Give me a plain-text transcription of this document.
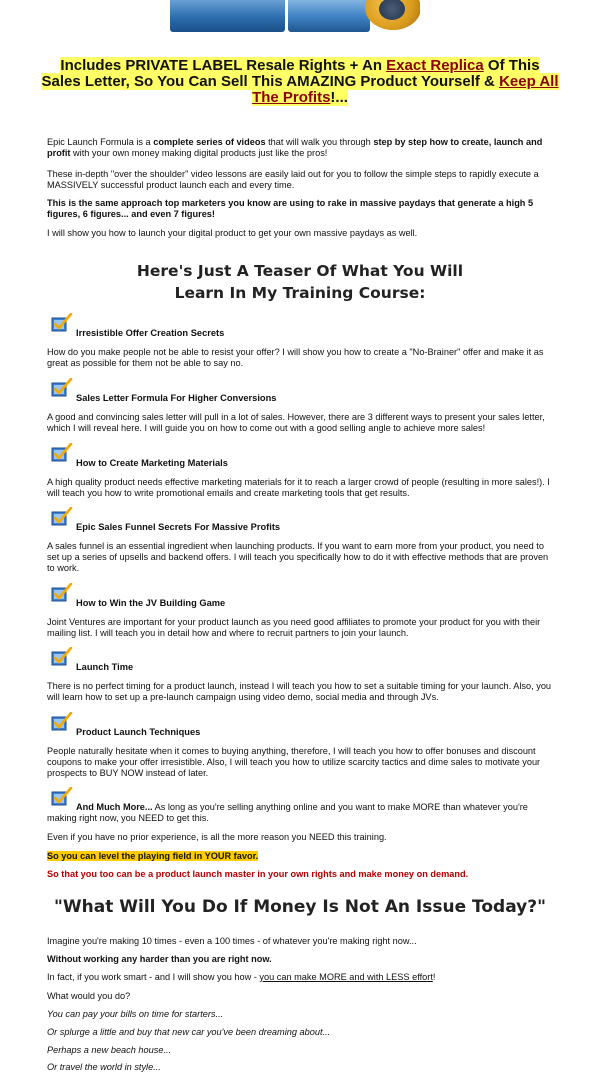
Includes PRIVATE LABEL Resale Rights + An Exact Replica Of This Sales Letter, So You Can Sell This AMAZING Product Yourself & Keep All The Profits!...

Epic Launch Formula is a complete series of videos that will walk you through step by step how to create, launch and profit with your own money making digital products just like the pros!

These in-depth "over the shoulder" video lessons are easily laid out for you to follow the simple steps to rapidly execute a MASSIVELY successful product launch each and every time.

This is the same approach top marketers you know are using to rake in massive paydays that generate a high 5 figures, 6 figures... and even 7 figures!

I will show you how to launch your digital product to get your own massive paydays as well.

Here's Just A Teaser Of What You Will
Learn In My Training Course:
Irresistible Offer Creation Secrets

How do you make people not be able to resist your offer? I will show you how to create a "No-Brainer" offer and make it as great as possible for them not be able to say no.

Sales Letter Formula For Higher Conversions

A good and convincing sales letter will pull in a lot of sales. However, there are 3 different ways to present your sales letter, which I will reveal here. I will guide you on how to come out with a good selling angle to achieve more sales!

How to Create Marketing Materials

A high quality product needs effective marketing materials for it to reach a larger crowd of people (resulting in more sales!). I will teach you how to write promotional emails and create marketing tools that get results.

Epic Sales Funnel Secrets For Massive Profits

A sales funnel is an essential ingredient when launching products. If you want to earn more from your product, you need to set up a series of upsells and backend offers. I will teach you specifically how to do it with effective methods that are proven to work.

How to Win the JV Building Game

Joint Ventures are important for your product launch as you need good affiliates to promote your product for you with their mailing list. I will teach you in detail how and where to recruit partners to join your launch.

Launch Time

There is no perfect timing for a product launch, instead I will teach you how to set a suitable timing for your launch. Also, you will learn how to set up a pre-launch campaign using video demo, social media and through JVs.

Product Launch Techniques

People naturally hesitate when it comes to buying anything, therefore, I will teach you how to offer bonuses and discount coupons to make your offer irresistible. Also, I will teach you how to utilize scarcity tactics and dime sales to motivate your prospects to BUY NOW instead of later.

And Much More... As long as you're selling anything online and you want to make MORE than whatever you're making right now, you NEED to get this.

Even if you have no prior experience, is all the more reason you NEED this training.

So you can level the playing field in YOUR favor.

So that you too can be a product launch master in your own rights and make money on demand.

"What Will You Do If Money Is Not An Issue Today?"

Imagine you're making 10 times - even a 100 times - of whatever you're making right now...

Without working any harder than you are right now.

In fact, if you work smart - and I will show you how - you can make MORE and with LESS effort!

What would you do?

You can pay your bills on time for starters...

Or splurge a little and buy that new car you've been dreaming about...

Perhaps a new beach house...

Or travel the world in style...
